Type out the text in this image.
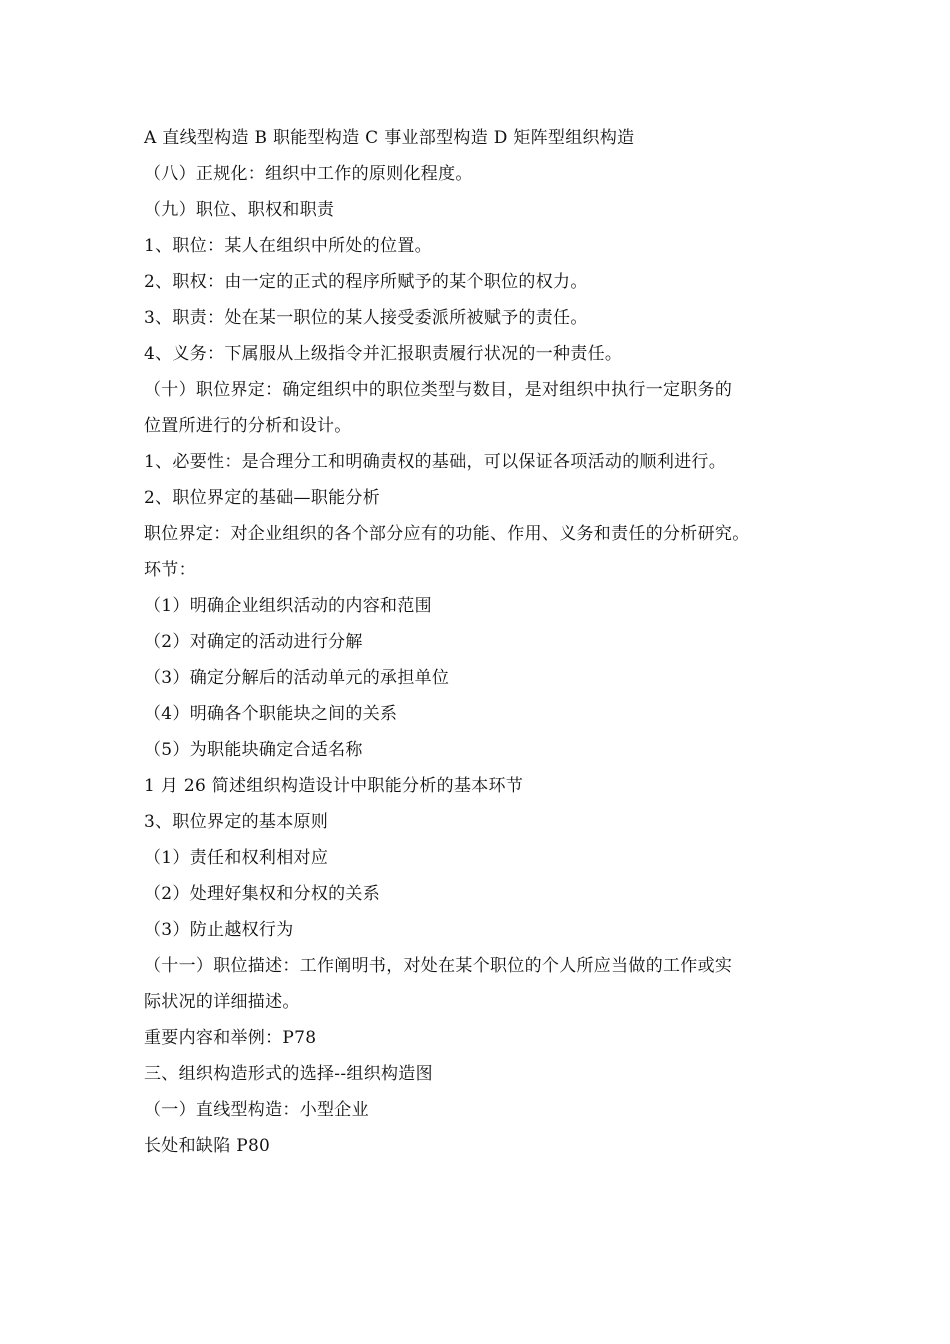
A 直线型构造 B 职能型构造 C 事业部型构造 D 矩阵型组织构造
（八）正规化：组织中工作的原则化程度。
（九）职位、职权和职责
1、职位：某人在组织中所处的位置。
2、职权：由一定的正式的程序所赋予的某个职位的权力。
3、职责：处在某一职位的某人接受委派所被赋予的责任。
4、义务：下属服从上级指令并汇报职责履行状况的一种责任。
（十）职位界定：确定组织中的职位类型与数目，是对组织中执行一定职务的
位置所进行的分析和设计。
1、必要性：是合理分工和明确责权的基础，可以保证各项活动的顺利进行。
2、职位界定的基础—职能分析
职位界定：对企业组织的各个部分应有的功能、作用、义务和责任的分析研究。
环节：
（1）明确企业组织活动的内容和范围
（2）对确定的活动进行分解
（3）确定分解后的活动单元的承担单位
（4）明确各个职能块之间的关系
（5）为职能块确定合适名称
1 月 26 简述组织构造设计中职能分析的基本环节
3、职位界定的基本原则
（1）责任和权利相对应
（2）处理好集权和分权的关系
（3）防止越权行为
（十一）职位描述：工作阐明书，对处在某个职位的个人所应当做的工作或实
际状况的详细描述。
重要内容和举例：P78
三、组织构造形式的选择--组织构造图
（一）直线型构造：小型企业
长处和缺陷 P80
